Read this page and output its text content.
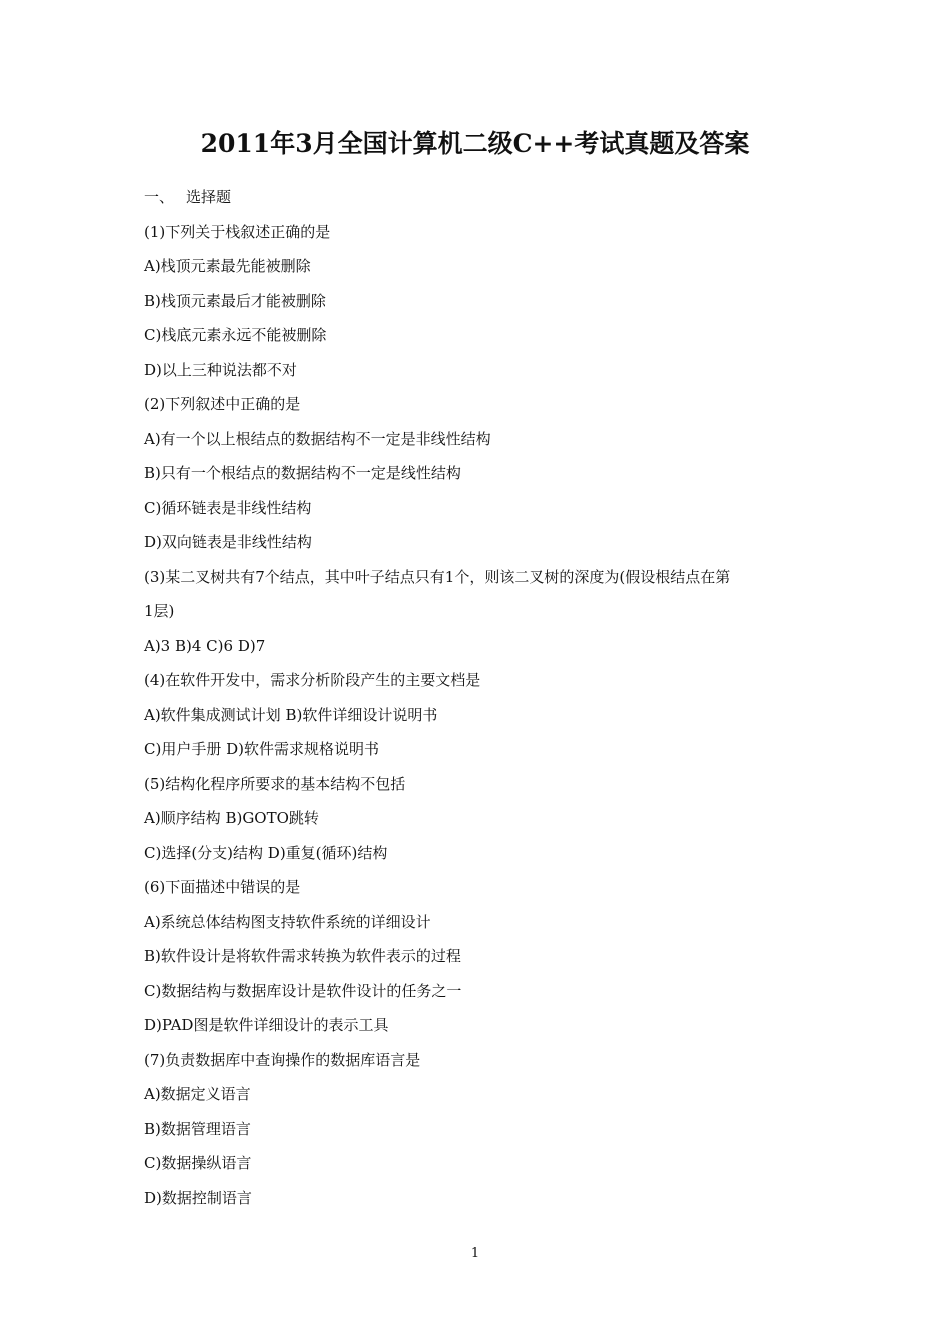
2011年3月全国计算机二级C++考试真题及答案
一、 选择题
(1)下列关于栈叙述正确的是
A)栈顶元素最先能被删除
B)栈顶元素最后才能被删除
C)栈底元素永远不能被删除
D)以上三种说法都不对
(2)下列叙述中正确的是
A)有一个以上根结点的数据结构不一定是非线性结构
B)只有一个根结点的数据结构不一定是线性结构
C)循环链表是非线性结构
D)双向链表是非线性结构
(3)某二叉树共有7个结点，其中叶子结点只有1个，则该二叉树的深度为(假设根结点在第
1层)
A)3 B)4 C)6 D)7
(4)在软件开发中，需求分析阶段产生的主要文档是
A)软件集成测试计划 B)软件详细设计说明书
C)用户手册 D)软件需求规格说明书
(5)结构化程序所要求的基本结构不包括
A)顺序结构 B)GOTO跳转
C)选择(分支)结构 D)重复(循环)结构
(6)下面描述中错误的是
A)系统总体结构图支持软件系统的详细设计
B)软件设计是将软件需求转换为软件表示的过程
C)数据结构与数据库设计是软件设计的任务之一
D)PAD图是软件详细设计的表示工具
(7)负责数据库中查询操作的数据库语言是
A)数据定义语言
B)数据管理语言
C)数据操纵语言
D)数据控制语言
1
